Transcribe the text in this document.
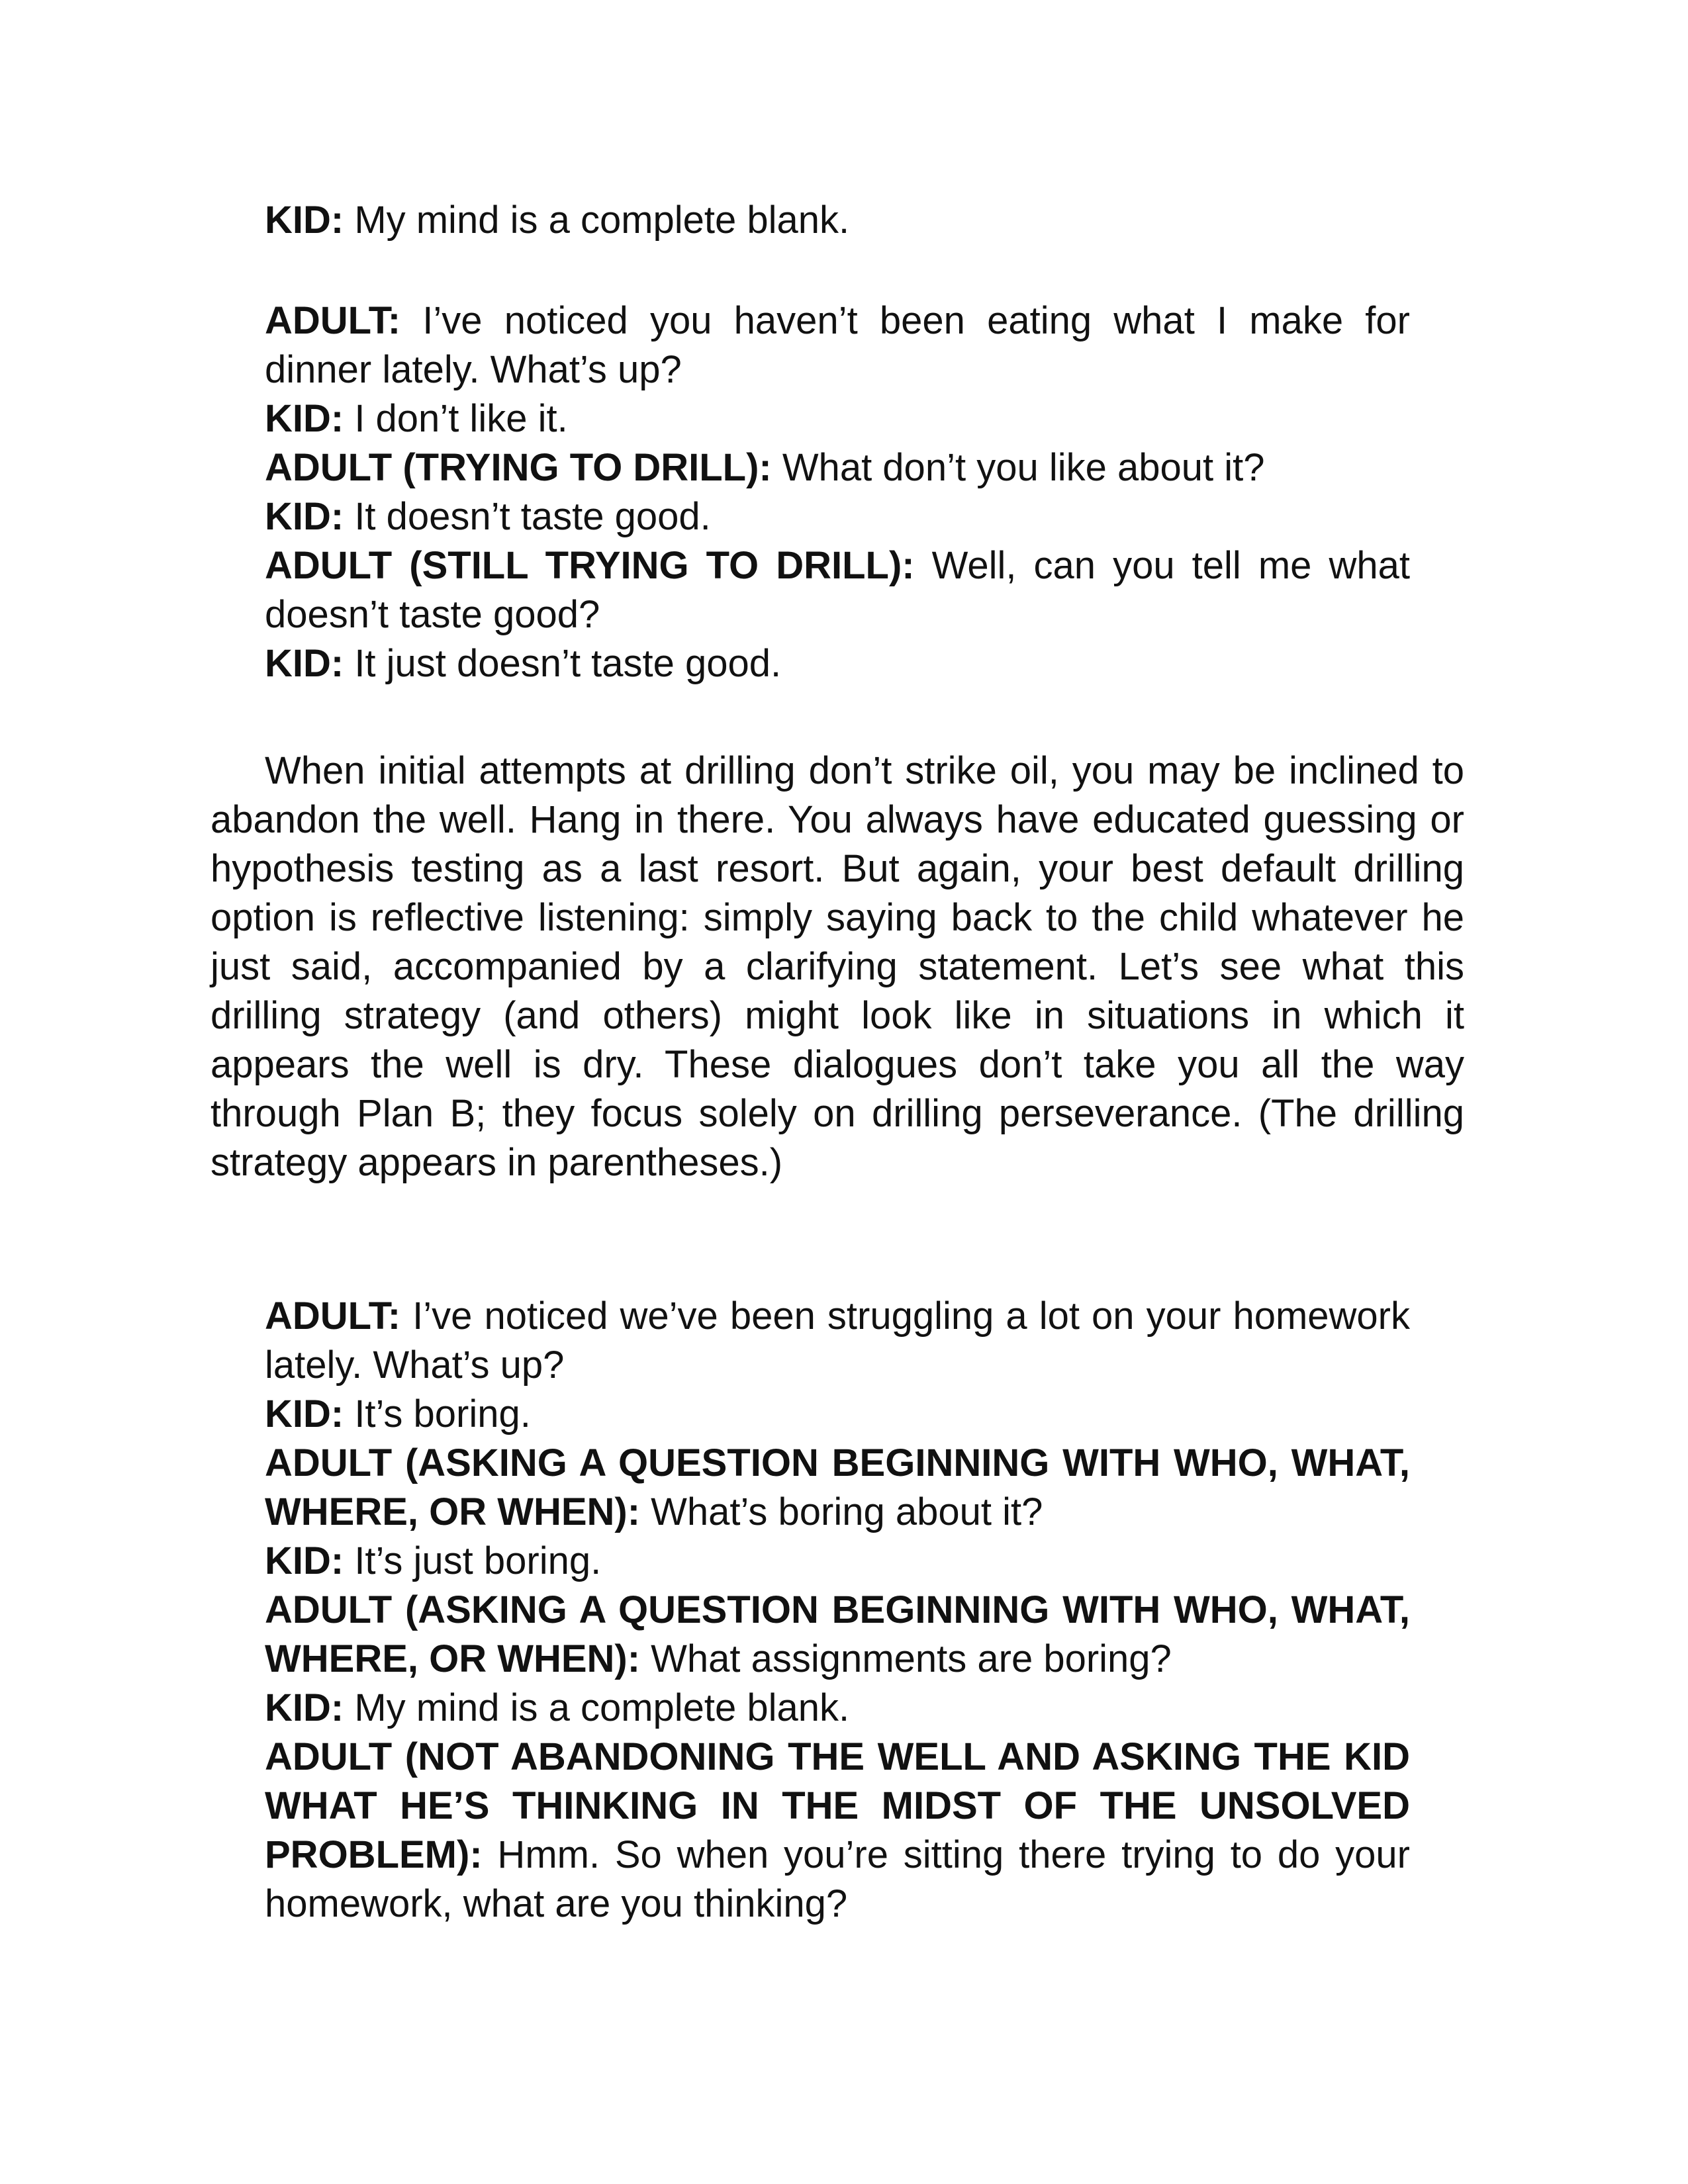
KID: My mind is a complete blank.

ADULT: I’ve noticed you haven’t been eating what I make for dinner lately. What’s up?

KID: I don’t like it.

ADULT (TRYING TO DRILL): What don’t you like about it?

KID: It doesn’t taste good.

ADULT (STILL TRYING TO DRILL): Well, can you tell me what doesn’t taste good?

KID: It just doesn’t taste good.

When initial attempts at drilling don’t strike oil, you may be inclined to abandon the well. Hang in there. You always have educated guessing or hypothesis testing as a last resort. But again, your best default drilling option is reflective listening: simply saying back to the child whatever he just said, accompanied by a clarifying statement. Let’s see what this drilling strategy (and others) might look like in situations in which it appears the well is dry. These dialogues don’t take you all the way through Plan B; they focus solely on drilling perseverance. (The drilling strategy appears in parentheses.)

ADULT: I’ve noticed we’ve been struggling a lot on your homework lately. What’s up?

KID: It’s boring.

ADULT (ASKING A QUESTION BEGINNING WITH WHO, WHAT, WHERE, OR WHEN): What’s boring about it?

KID: It’s just boring.

ADULT (ASKING A QUESTION BEGINNING WITH WHO, WHAT, WHERE, OR WHEN): What assignments are boring?

KID: My mind is a complete blank.

ADULT (NOT ABANDONING THE WELL AND ASKING THE KID WHAT HE’S THINKING IN THE MIDST OF THE UNSOLVED PROBLEM): Hmm. So when you’re sitting there trying to do your homework, what are you thinking?
